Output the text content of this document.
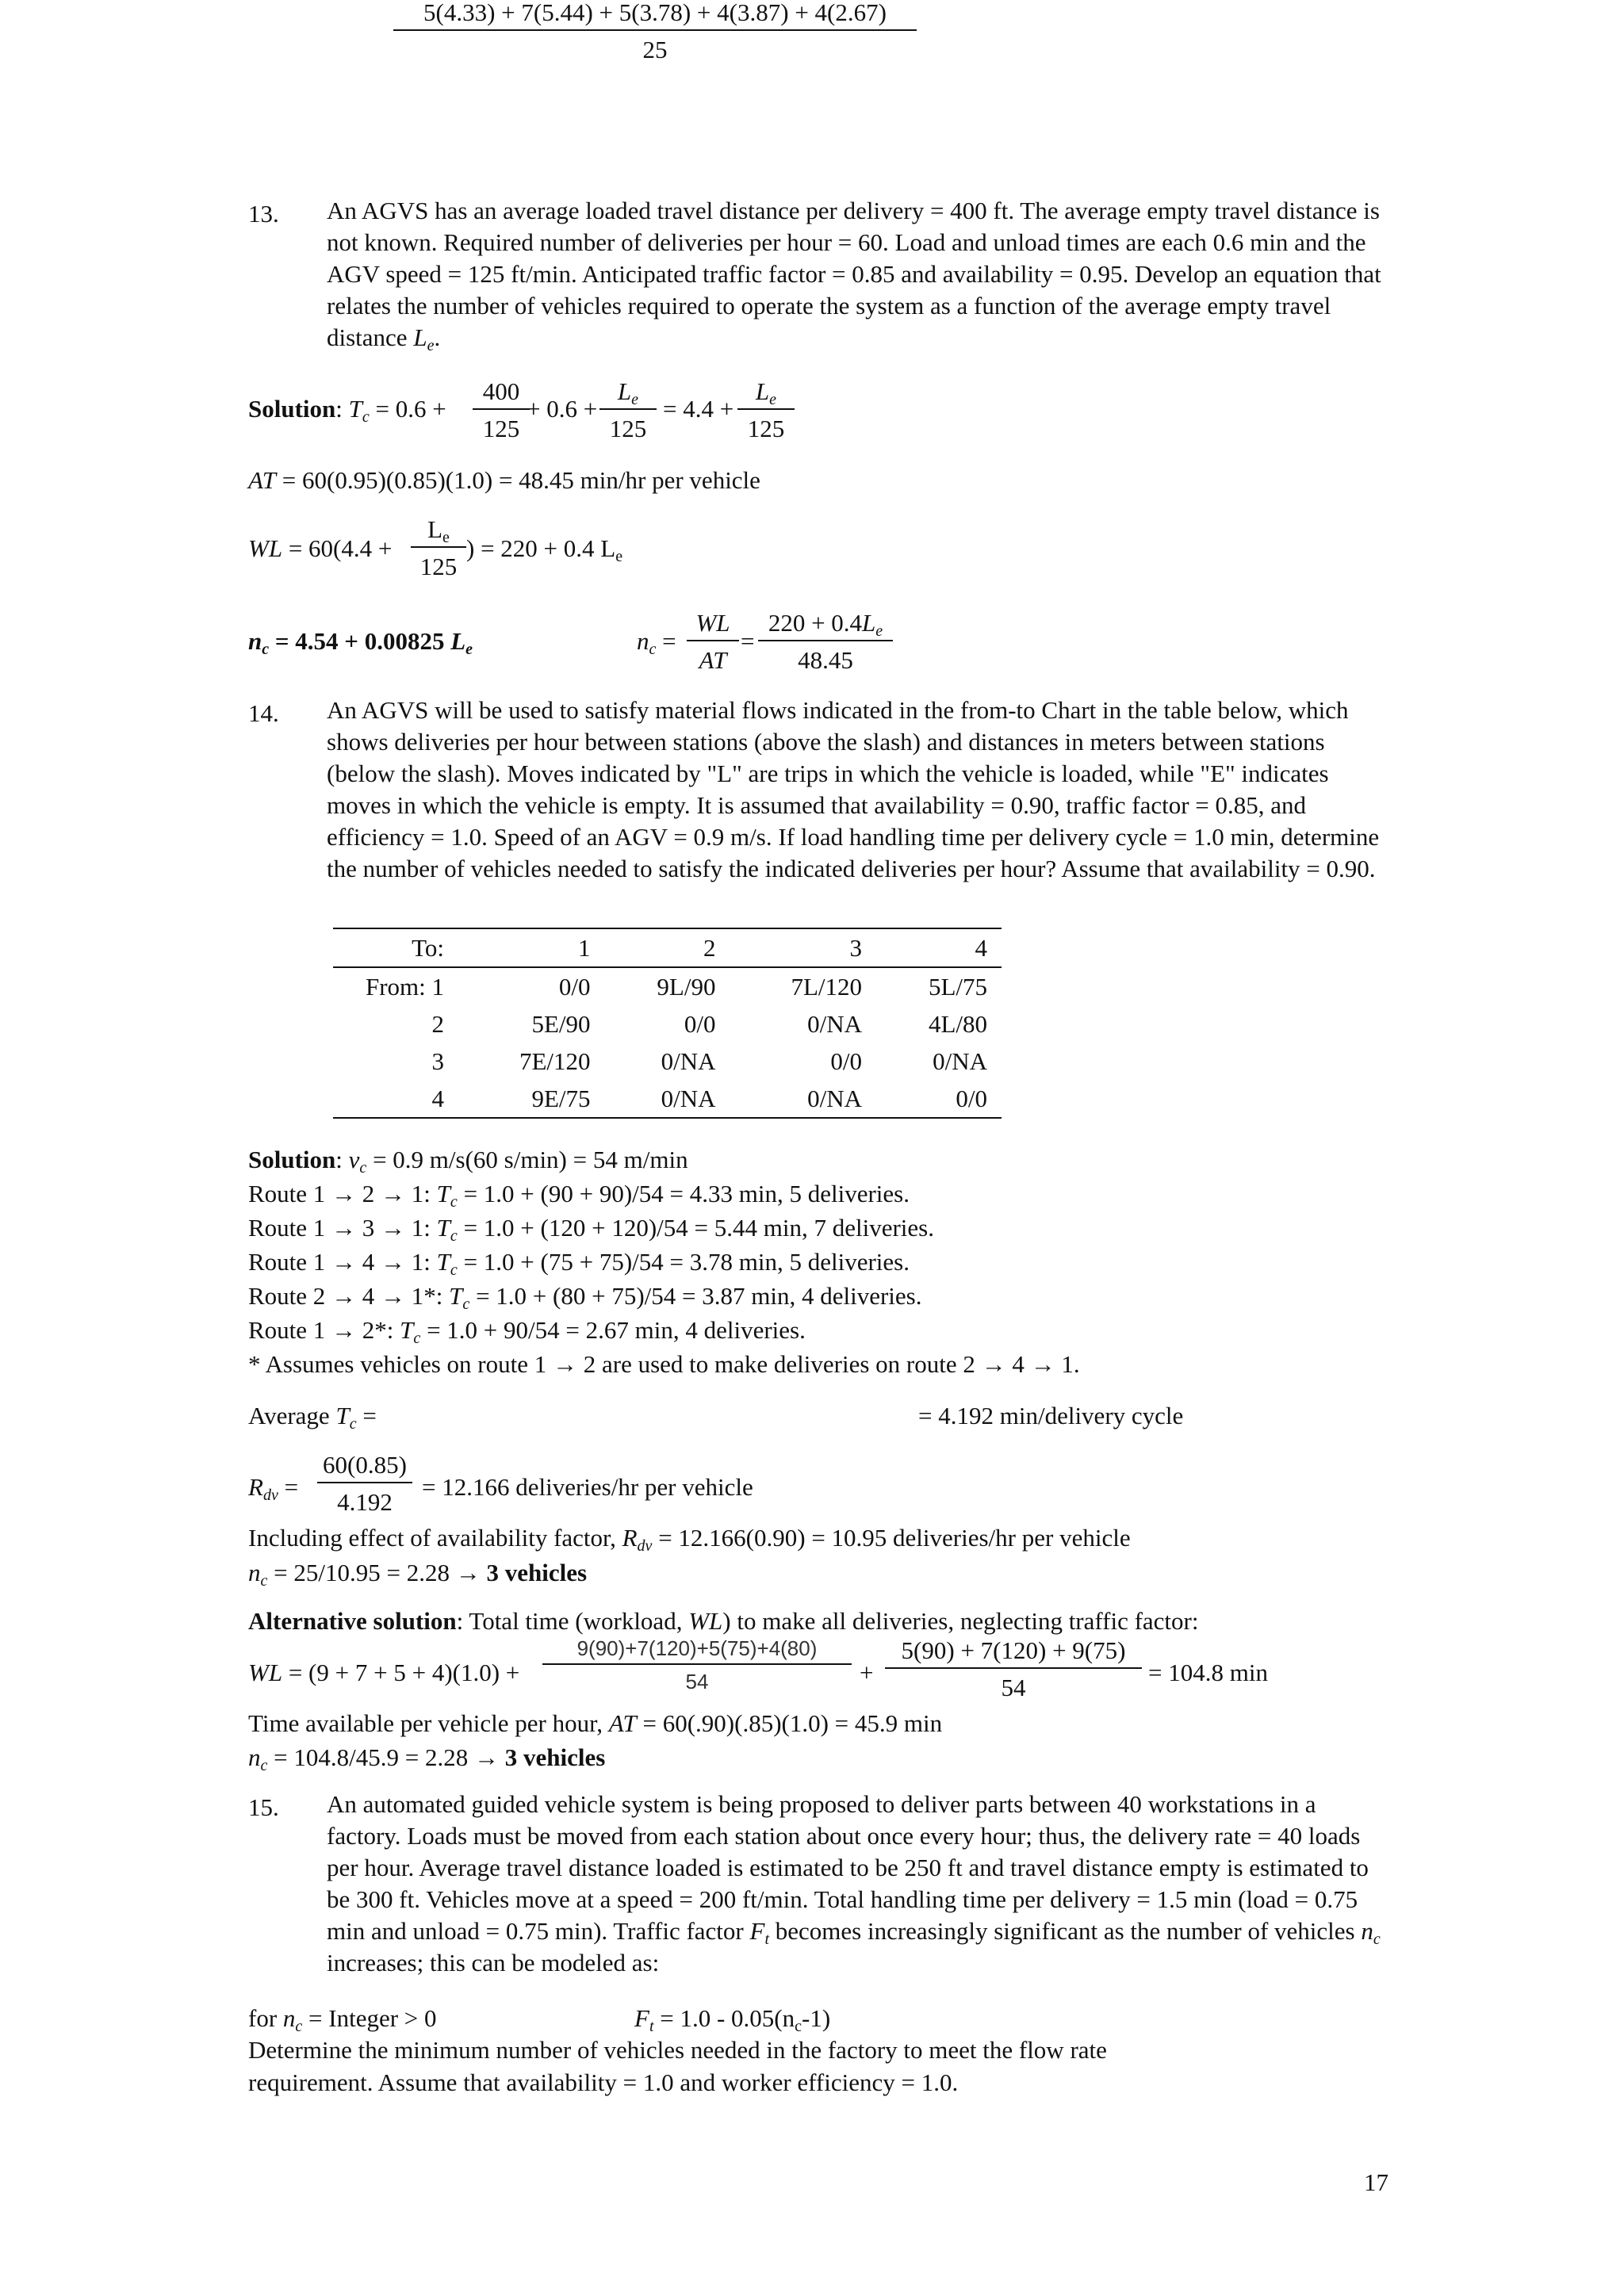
13. An AGVS has an average loaded travel distance per delivery = 400 ft. The average empty travel distance is not known. Required number of deliveries per hour = 60. Load and unload times are each 0.6 min and the AGV speed = 125 ft/min. Anticipated traffic factor = 0.85 and availability = 0.95. Develop an equation that relates the number of vehicles required to operate the system as a function of the average empty travel distance $L_e$.
Solution: $T_c = 0.6 + \frac{400}{125}$
+ $0.6 + \frac{L_e}{125} = 4.4 + \frac{L_e}{125}$
AT = 60(0.95)(0.85)(1.0) = 48.45 min/hr per vehicle
WL = $60(4.4 + \frac{L_e}{125}$ ) = 220 + 0.4 $L_e$
$n_c = 4.54 + 0.00825$ $L_e$	$n_c = \frac{WL}{AT} = \frac{220 + 0.4L_e}{48.45}$
14. An AGVS will be used to satisfy material flows indicated in the from-to Chart in the table below, which shows deliveries per hour between stations (above the slash) and distances in meters between stations (below the slash). Moves indicated by "L" are trips in which the vehicle is loaded, while "E" indicates moves in which the vehicle is empty. It is assumed that availability = 0.90, traffic factor = 0.85, and efficiency = 1.0. Speed of an AGV = 0.9 m/s. If load handling time per delivery cycle = 1.0 min, determine the number of vehicles needed to satisfy the indicated deliveries per hour? Assume that availability = 0.90.
To:	1	2	3	4
From: 1	0/0	9L/90	7L/120	5L/75
2	5E/90	0/0	0/NA	4L/80
3	7E/120	0/NA	0/0	0/NA
4	9E/75	0/NA	0/NA	0/0
Solution: $v_c = 0.9$ m/s(60 s/min) = 54 m/min
Route 1 → 2 → 1: $T_c = 1.0 + (90 + 90)/54 = 4.33$ min, 5 deliveries.
Route 1 → 3 → 1: $T_c = 1.0 + (120 + 120)/54 = 5.44$ min, 7 deliveries.
Route 1 → 4 → 1: $T_c = 1.0 + (75 + 75)/54 = 3.78$ min, 5 deliveries.
Route 2 → 4 → 1*: $T_c = 1.0 + (80 + 75)/54 = 3.87$ min, 4 deliveries.
Route 1 → 2*: $T_c = 1.0 + 90/54 = 2.67$ min, 4 deliveries.
* Assumes vehicles on route 1 → 2 are used to make deliveries on route 2 → 4 → 1.
Average $T_c$ =
$\frac{5(4.33) + 7(5.44) + 5(3.78) + 4(3.87) + 4(2.67)}{25}$
= 4.192 min/delivery cycle
$R_{dv} = \frac{60(0.85)}{4.192} = 12.166$ deliveries/hr per vehicle
Including effect of availability factor, $R_{dv} = 12.166(0.90) = 10.95$ deliveries/hr per vehicle
$n_c = 25/10.95 = 2.28 \to 3$ vehicles
Alternative solution: Total time (workload, WL) to make all deliveries, neglecting traffic factor:
WL = $(9 + 7 + 5 + 4)(1.0) + \frac{9(90)+7(120)+5(75)+4(80)}{54} + \frac{5(90) + 7(120) + 9(75)}{54} = 104.8$ min
Time available per vehicle per hour, AT = 60(.90)(.85)(1.0) = 45.9 min
$n_c = 104.8/45.9 = 2.28 \to 3$ vehicles
15. An automated guided vehicle system is being proposed to deliver parts between 40 workstations in a factory. Loads must be moved from each station about once every hour; thus, the delivery rate = 40 loads per hour. Average travel distance loaded is estimated to be 250 ft and travel distance empty is estimated to be 300 ft. Vehicles move at a speed = 200 ft/min. Total handling time per delivery = 1.5 min (load = 0.75 min and unload = 0.75 min). Traffic factor $F_t$ becomes increasingly significant as the number of vehicles $n_c$ increases; this can be modeled as:
for $n_c$ = Integer > 0	$F_t = 1.0 - 0.05(n_c-1)$
Determine the minimum number of vehicles needed in the factory to meet the flow rate
requirement. Assume that availability = 1.0 and worker efficiency = 1.0.
17
